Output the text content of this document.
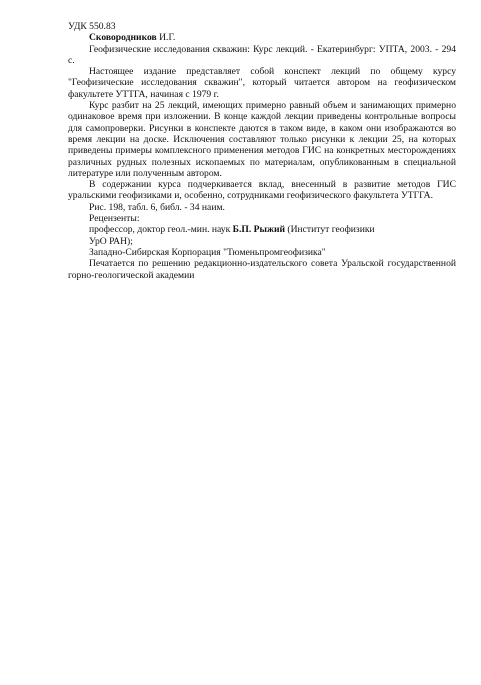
УДК 550.83

Сковородников И.Г.

Геофизические исследования скважин: Курс лекций. - Екатеринбург: УПТА, 2003. - 294 с.

Настоящее издание представляет собой конспект лекций по общему курсу "Геофизические исследования скважин", который читается автором на геофизическом факультете УТТГА, начиная с 1979 г.

Курс разбит на 25 лекций, имеющих примерно равный объем и занимающих примерно одинаковое время при изложении. В конце каждой лекции приведены контрольные вопросы для самопроверки. Рисунки в конспекте даются в таком виде, в каком они изображаются во время лекции на доске. Исключения составляют только рисунки к лекции 25, на которых приведены примеры комплексного применения методов ГИС на конкретных месторождениях различных рудных полезных ископаемых по материалам, опубликованным в специальной литературе или полученным автором.

В содержании курса подчеркивается вклад, внесенный в развитие методов ГИС уральскими геофизиками и, особенно, сотрудниками геофизического факультета УТГГА.

Рис. 198, табл. 6, библ. - 34 наим.

Рецензенты:

профессор, доктор геол.-мин. наук Б.П. Рыжий (Институт геофизики

УрО РАН);

Западно-Сибирская Корпорация "Тюменьпромгеофизика"

Печатается по решению редакционно-издательского совета Уральской государственной горно-геологической академии
